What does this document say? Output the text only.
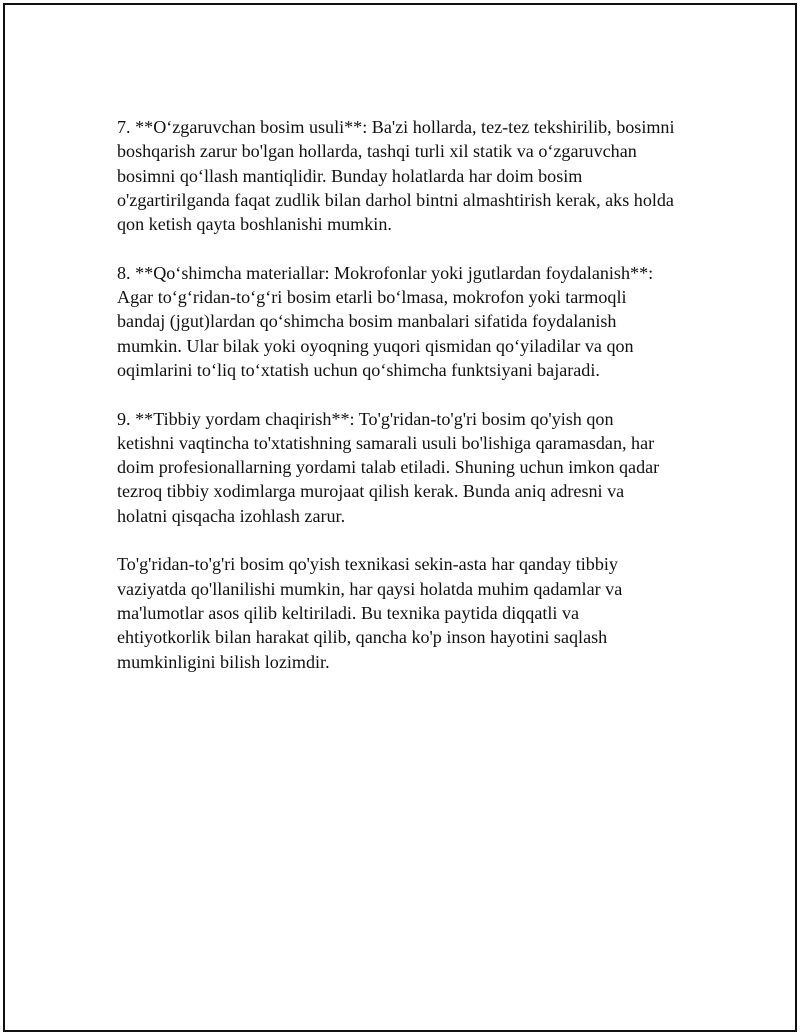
7. **O‘zgaruvchan bosim usuli**: Ba'zi hollarda, tez-tez tekshirilib, bosimni
boshqarish zarur bo'lgan hollarda, tashqi turli xil statik va o‘zgaruvchan
bosimni qo‘llash mantiqlidir. Bunday holatlarda har doim bosim
o'zgartirilganda faqat zudlik bilan darhol bintni almashtirish kerak, aks holda
qon ketish qayta boshlanishi mumkin.

8. **Qo‘shimcha materiallar: Mokrofonlar yoki jgutlardan foydalanish**:
Agar to‘g‘ridan-to‘g‘ri bosim etarli bo‘lmasa, mokrofon yoki tarmoqli
bandaj (jgut)lardan qo‘shimcha bosim manbalari sifatida foydalanish
mumkin. Ular bilak yoki oyoqning yuqori qismidan qo‘yiladilar va qon
oqimlarini to‘liq to‘xtatish uchun qo‘shimcha funktsiyani bajaradi.

9. **Tibbiy yordam chaqirish**: To'g'ridan-to'g'ri bosim qo'yish qon
ketishni vaqtincha to'xtatishning samarali usuli bo'lishiga qaramasdan, har
doim profesionallarning yordami talab etiladi. Shuning uchun imkon qadar
tezroq tibbiy xodimlarga murojaat qilish kerak. Bunda aniq adresni va
holatni qisqacha izohlash zarur.

To'g'ridan-to'g'ri bosim qo'yish texnikasi sekin-asta har qanday tibbiy
vaziyatda qo'llanilishi mumkin, har qaysi holatda muhim qadamlar va
ma'lumotlar asos qilib keltiriladi. Bu texnika paytida diqqatli va
ehtiyotkorlik bilan harakat qilib, qancha ko'p inson hayotini saqlash
mumkinligini bilish lozimdir.
